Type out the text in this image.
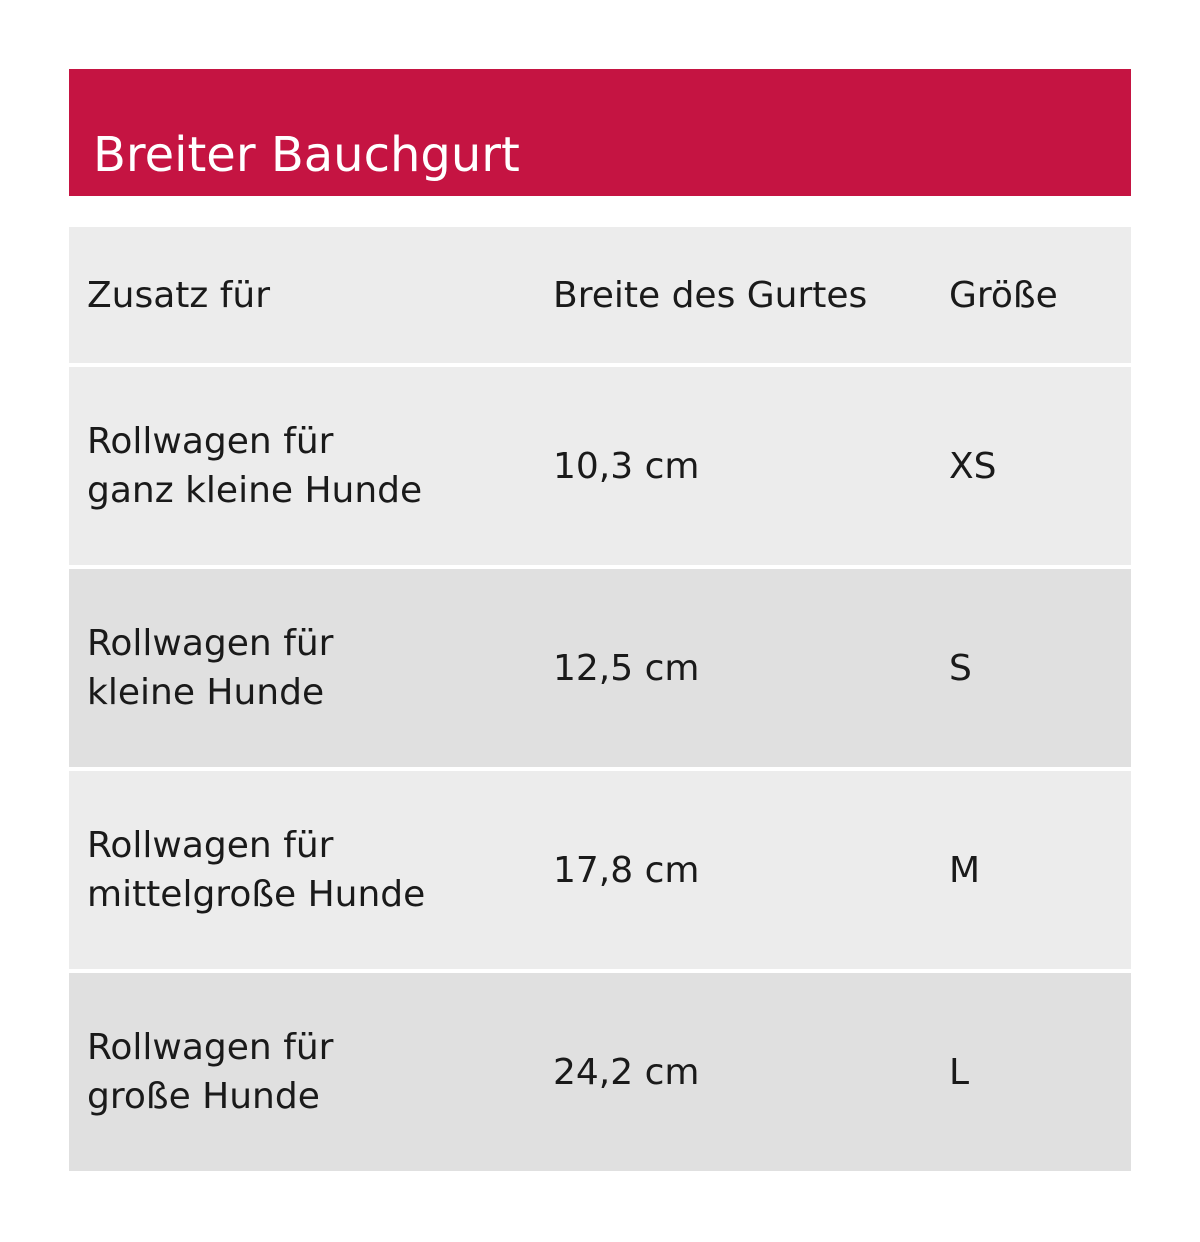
Breiter Bauchgurt
Zusatz für	Breite des Gurtes	Größe
Rollwagen für
ganz kleine Hunde
10,3 cm	XS
Rollwagen für
kleine Hunde
12,5 cm	S
Rollwagen für
mittelgroße Hunde
17,8 cm	M
Rollwagen für
große Hunde
24,2 cm	L
